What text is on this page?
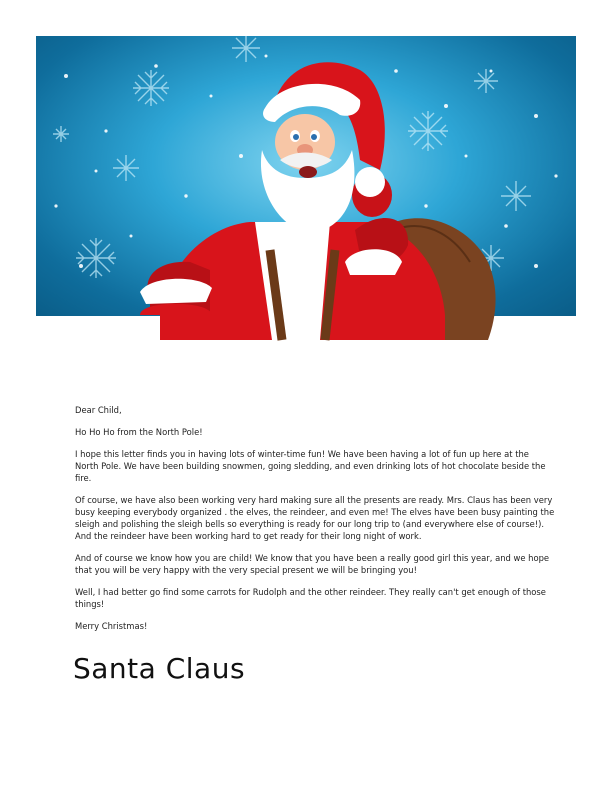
Dear Child,

Ho Ho Ho from the North Pole!

I hope this letter finds you in having lots of winter-time fun! We have been having a lot of fun up here at the North Pole. We have been building snowmen, going sledding, and even drinking lots of hot chocolate beside the fire.

Of course, we have also been working very hard making sure all the presents are ready. Mrs. Claus has been very busy keeping everybody organized . the elves, the reindeer, and even me! The elves have been busy painting the sleigh and polishing the sleigh bells so everything is ready for our long trip to (and everywhere else of course!). And the reindeer have been working hard to get ready for their long night of work.

And of course we know how you are child! We know that you have been a really good girl this year, and we hope that you will be very happy with the very special present we will be bringing you!

Well, I had better go find some carrots for Rudolph and the other reindeer. They really can't get enough of those things!

Merry Christmas!

Santa Claus
